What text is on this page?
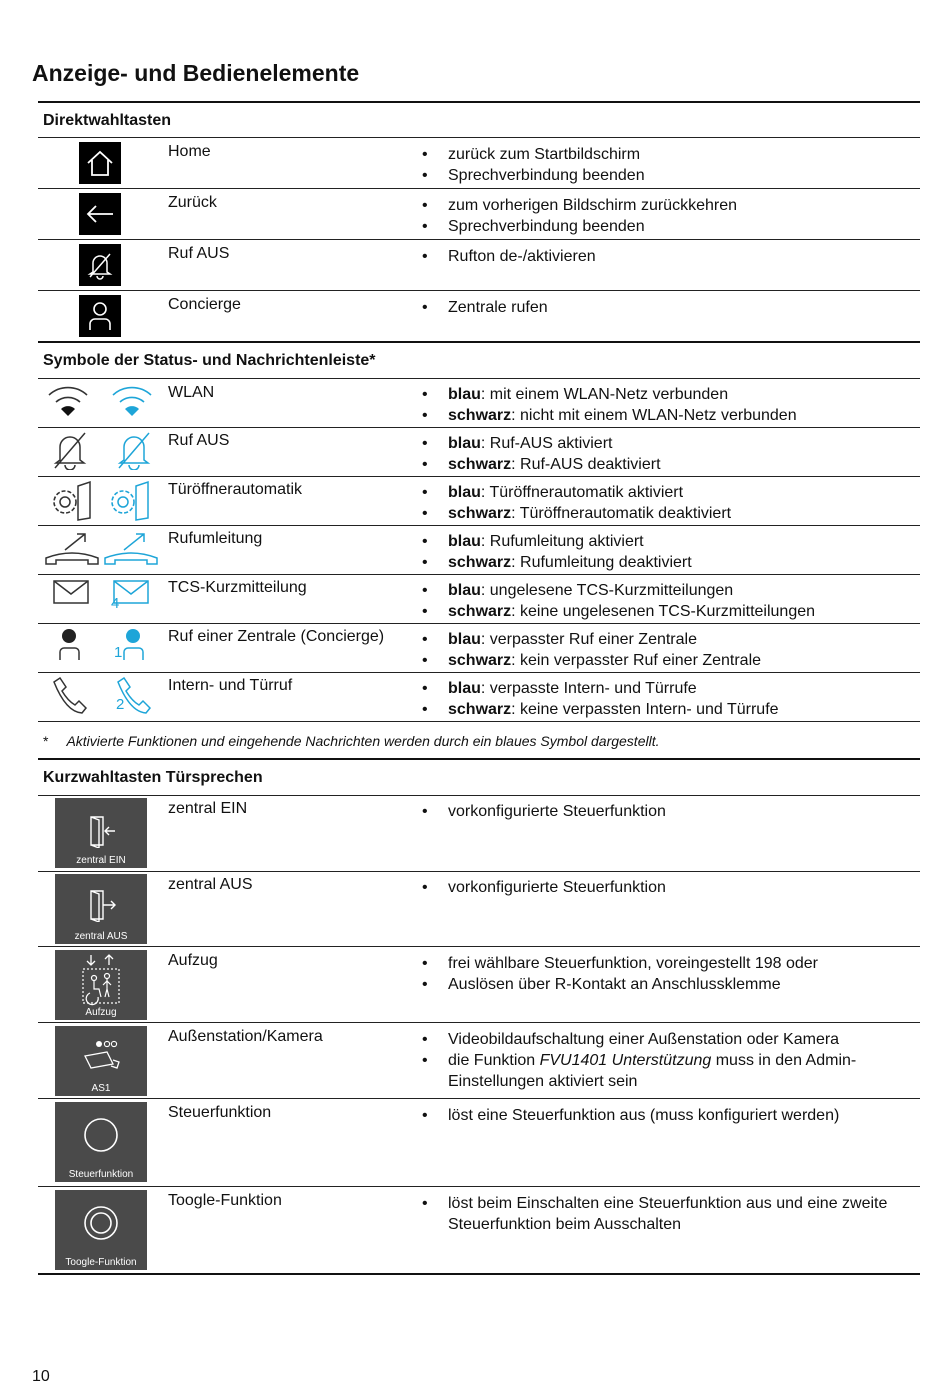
Anzeige- und Bedienelemente
Direktwahltasten
Home	• zurück zum Startbildschirm
• Sprechverbindung beenden
Zurück	• zum vorherigen Bildschirm zurückkehren
• Sprechverbindung beenden
Ruf AUS	• Rufton de-/aktivieren
Concierge	• Zentrale rufen
Symbole der Status- und Nachrichtenleiste*
WLAN	• blau: mit einem WLAN-Netz verbunden
• schwarz: nicht mit einem WLAN-Netz verbunden
Ruf AUS	• blau: Ruf-AUS aktiviert
• schwarz: Ruf-AUS deaktiviert
Türöffnerautomatik	• blau: Türöffnerautomatik aktiviert
• schwarz: Türöffnerautomatik deaktiviert
Rufumleitung	• blau: Rufumleitung aktiviert
• schwarz: Rufumleitung deaktiviert
4
TCS-Kurzmitteilung	• blau: ungelesene TCS-Kurzmitteilungen
• schwarz: keine ungelesenen TCS-Kurzmitteilungen
1
Ruf einer Zentrale (Concierge)	• blau: verpasster Ruf einer Zentrale
• schwarz: kein verpasster Ruf einer Zentrale
2
Intern- und Türruf	• blau: verpasste Intern- und Türrufe
• schwarz: keine verpassten Intern- und Türrufe
* Aktivierte Funktionen und eingehende Nachrichten werden durch ein blaues Symbol dargestellt.
Kurzwahltasten Türsprechen
zentral EIN
zentral EIN	• vorkonfigurierte Steuerfunktion
zentral AUS
zentral AUS	• vorkonfigurierte Steuerfunktion
Aufzug
Aufzug	• frei wählbare Steuerfunktion, voreingestellt 198 oder
• Auslösen über R-Kontakt an Anschlussklemme
AS1
Außenstation/Kamera	• Videobildaufschaltung einer Außenstation oder Kamera
• die Funktion FVU1401 Unterstützung muss in den Admin-Einstellungen aktiviert sein
Steuerfunktion
Steuerfunktion	• löst eine Steuerfunktion aus (muss konfiguriert werden)
Toogle-Funktion
Toogle-Funktion	• löst beim Einschalten eine Steuerfunktion aus und eine zweite Steuerfunktion beim Ausschalten
10
